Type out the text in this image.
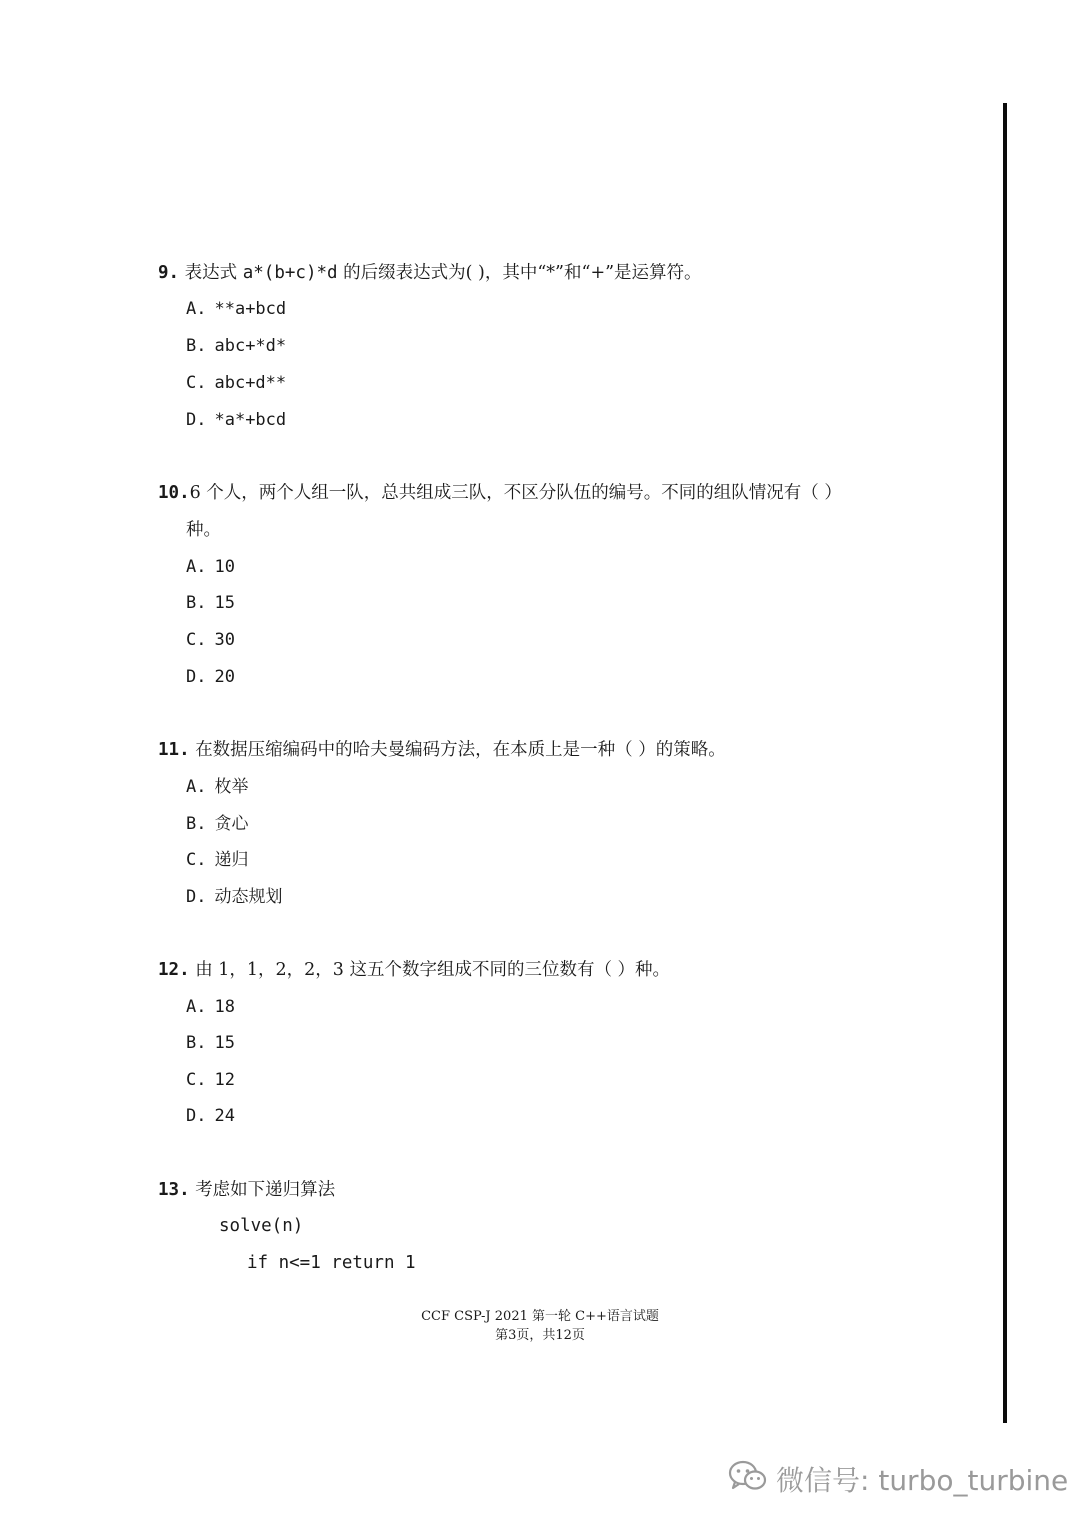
9. 表达式 a*(b+c)*d 的后缀表达式为( )，其中“*”和“+”是运算符。
A. **a+bcd
B. abc+*d*
C. abc+d**
D. *a*+bcd
10.6 个人，两个人组一队，总共组成三队，不区分队伍的编号。不同的组队情况有（ ）
种。
A. 10
B. 15
C. 30
D. 20
11. 在数据压缩编码中的哈夫曼编码方法，在本质上是一种（ ）的策略。
A. 枚举
B. 贪心
C. 递归
D. 动态规划
12. 由 1，1，2，2，3 这五个数字组成不同的三位数有（ ）种。
A. 18
B. 15
C. 12
D. 24
13. 考虑如下递归算法
solve(n)
if n<=1 return 1
CCF CSP-J 2021 第一轮 C++语言试题
第3页，共12页
微信号: turbo_turbine
